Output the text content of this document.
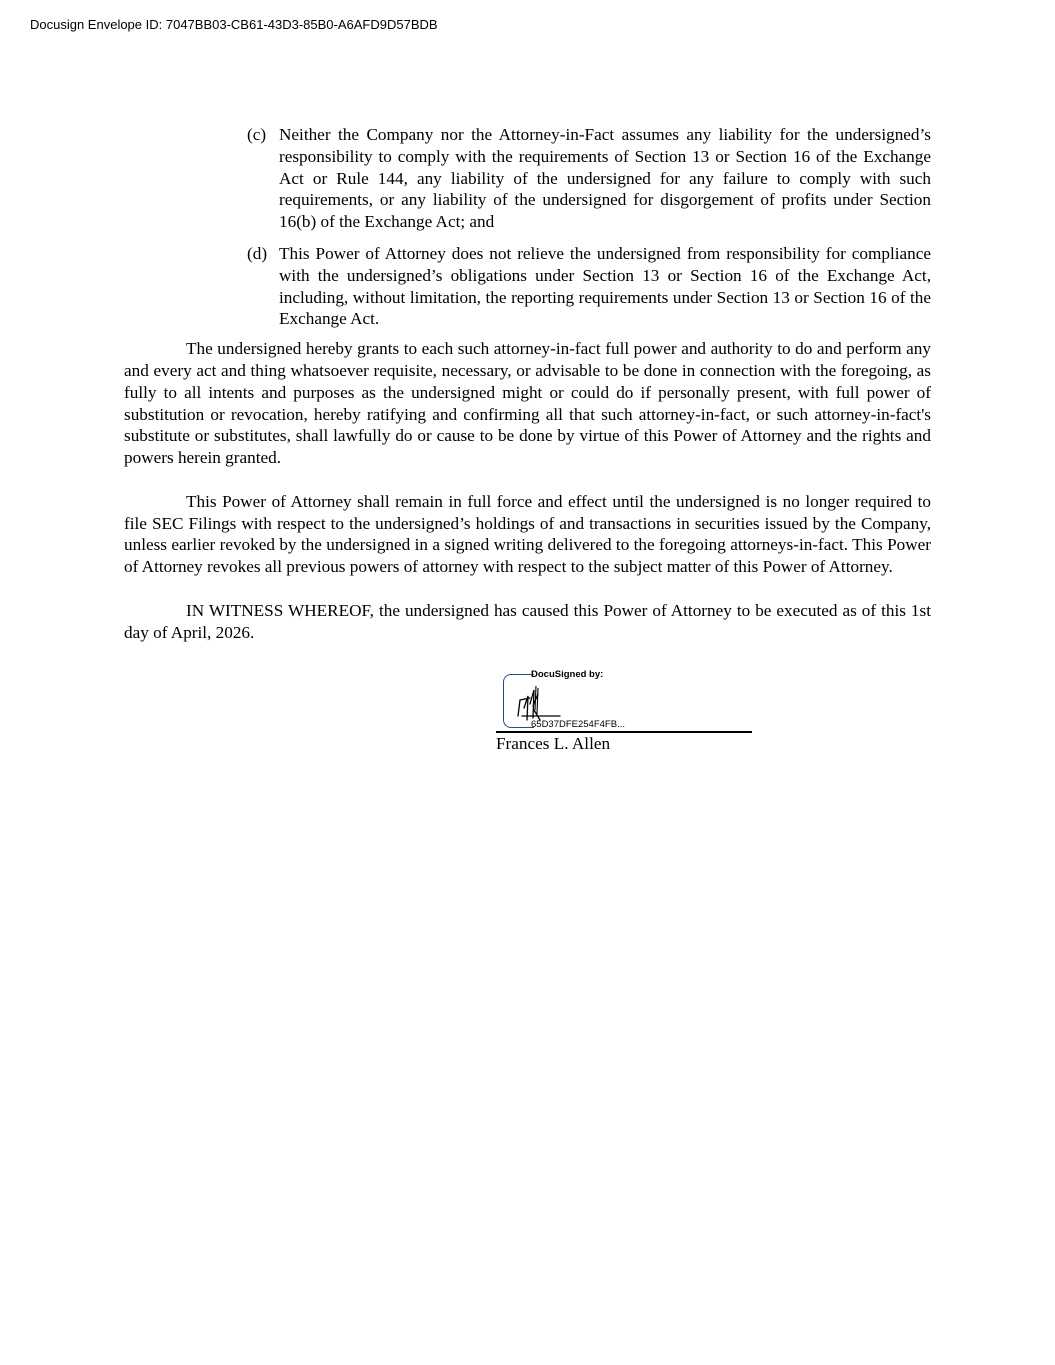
Docusign Envelope ID: 7047BB03-CB61-43D3-85B0-A6AFD9D57BDB
(c) Neither the Company nor the Attorney-in-Fact assumes any liability for the undersigned’s responsibility to comply with the requirements of Section 13 or Section 16 of the Exchange Act or Rule 144, any liability of the undersigned for any failure to comply with such requirements, or any liability of the undersigned for disgorgement of profits under Section 16(b) of the Exchange Act; and

(d) This Power of Attorney does not relieve the undersigned from responsibility for compliance with the undersigned’s obligations under Section 13 or Section 16 of the Exchange Act, including, without limitation, the reporting requirements under Section 13 or Section 16 of the Exchange Act.

The undersigned hereby grants to each such attorney-in-fact full power and authority to do and perform any and every act and thing whatsoever requisite, necessary, or advisable to be done in connection with the foregoing, as fully to all intents and purposes as the undersigned might or could do if personally present, with full power of substitution or revocation, hereby ratifying and confirming all that such attorney-in-fact, or such attorney-in-fact's substitute or substitutes, shall lawfully do or cause to be done by virtue of this Power of Attorney and the rights and powers herein granted.

This Power of Attorney shall remain in full force and effect until the undersigned is no longer required to file SEC Filings with respect to the undersigned’s holdings of and transactions in securities issued by the Company, unless earlier revoked by the undersigned in a signed writing delivered to the foregoing attorneys-in-fact. This Power of Attorney revokes all previous powers of attorney with respect to the subject matter of this Power of Attorney.

IN WITNESS WHEREOF, the undersigned has caused this Power of Attorney to be executed as of this 1st day of April, 2026.

DocuSigned by:
65D37DFE254F4FB...
Frances L. Allen
